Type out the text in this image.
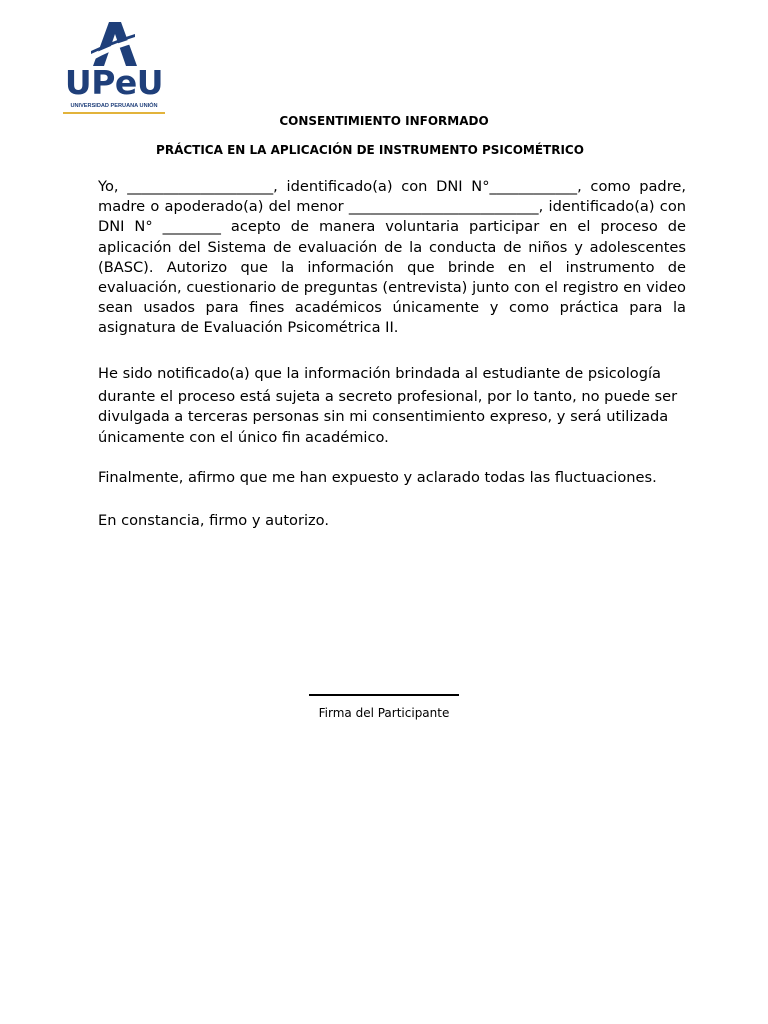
UPeU
UNIVERSIDAD PERUANA UNIÓN
CONSENTIMIENTO INFORMADO
PRÁCTICA EN LA APLICACIÓN DE INSTRUMENTO PSICOMÉTRICO

Yo, ____________________, identificado(a) con DNI N°____________, como padre, madre o apoderado(a) del menor __________________________, identificado(a) con DNI N° ________ acepto de manera voluntaria participar en el proceso de aplicación del Sistema de evaluación de la conducta de niños y adolescentes (BASC). Autorizo que la información que brinde en el instrumento de evaluación, cuestionario de preguntas (entrevista) junto con el registro en video sean usados para fines académicos únicamente y como práctica para la asignatura de Evaluación Psicométrica II.

He sido notificado(a) que la información brindada al estudiante de psicología
durante el proceso está sujeta a secreto profesional, por lo tanto, no puede ser
divulgada a terceras personas sin mi consentimiento expreso, y será utilizada
únicamente con el único fin académico.

Finalmente, afirmo que me han expuesto y aclarado todas las fluctuaciones.

En constancia, firmo y autorizo.

Firma del Participante
